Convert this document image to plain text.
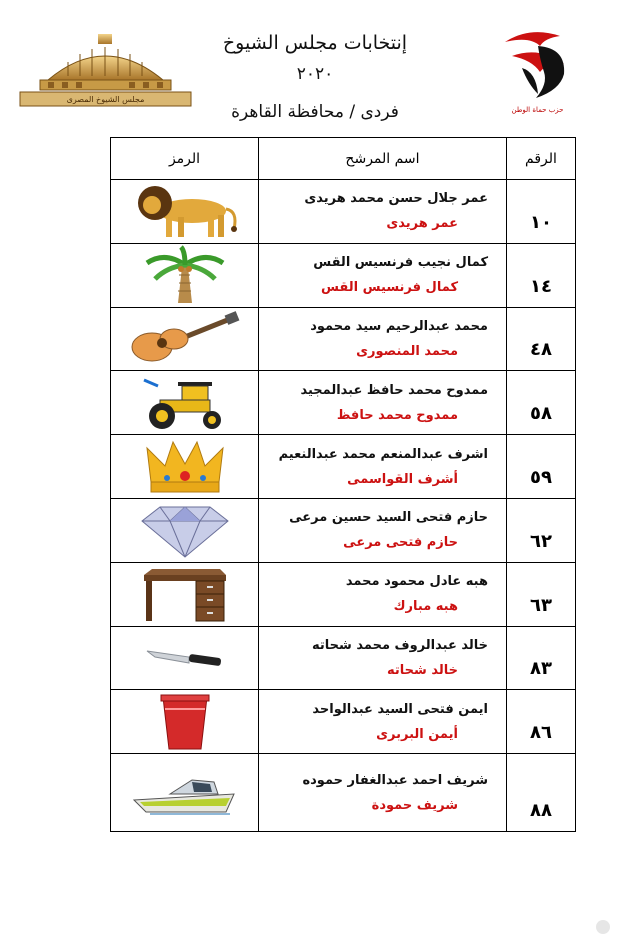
إنتخابات مجلس الشيوخ
٢٠٢٠
فردى / محافظة القاهرة
مجلس الشيوخ المصرى
حزب حماة الوطن
الرقم	اسم المرشح	الرمز
١٠	عمر جلال حسن محمد هريدى
عمر هريدى

١٤	كمال نجيب فرنسيس القس
كمال فرنسيس القس

٤٨	محمد عبدالرحيم سيد محمود
محمد المنصورى

٥٨	ممدوح محمد حافظ عبدالمجيد
ممدوح محمد حافظ

٥٩	اشرف عبدالمنعم محمد عبدالنعيم
أشرف القواسمى

٦٢	حازم فتحى السيد حسين مرعى
حازم فتحى مرعى

٦٣	هبه عادل محمود محمد
هبه مبارك

٨٣	خالد عبدالروف محمد شحاته
خالد شحاته

٨٦	ايمن فتحى السيد عبدالواحد
أيمن البربرى

٨٨	شريف احمد عبدالغفار حموده
شريف حمودة
